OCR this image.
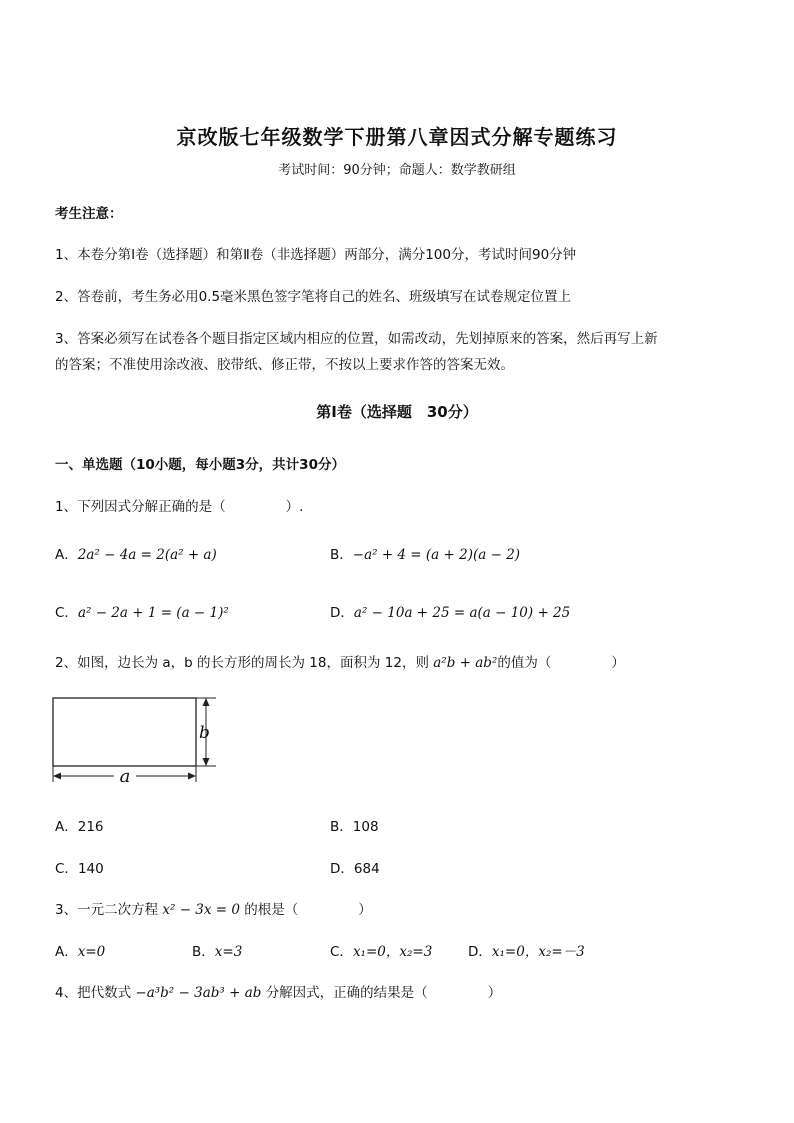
京改版七年级数学下册第八章因式分解专题练习
考试时间：90分钟；命题人：数学教研组
考生注意：
1、本卷分第Ⅰ卷（选择题）和第Ⅱ卷（非选择题）两部分，满分100分，考试时间90分钟
2、答卷前，考生务必用0.5毫米黑色签字笔将自己的姓名、班级填写在试卷规定位置上
3、答案必须写在试卷各个题目指定区域内相应的位置，如需改动，先划掉原来的答案，然后再写上新
的答案；不准使用涂改液、胶带纸、修正带，不按以上要求作答的答案无效。
第Ⅰ卷（选择题　30分）
一、单选题（10小题，每小题3分，共计30分）
1、下列因式分解正确的是（	）.
A．2a² − 4a = 2(a² + a)	B．−a² + 4 = (a + 2)(a − 2)
C．a² − 2a + 1 = (a − 1)²	D．a² − 10a + 25 = a(a − 10) + 25
2、如图，边长为 a，b 的长方形的周长为 18，面积为 12，则 a²b + ab²的值为（	）
a
b
A．216	B．108
C．140	D．684
3、一元二次方程 x² − 3x = 0 的根是（	）
A．x=0	B．x=3	C．x₁=0，x₂=3	D．x₁=0，x₂=－3
4、把代数式 −a³b² − 3ab³ + ab 分解因式，正确的结果是（	）
